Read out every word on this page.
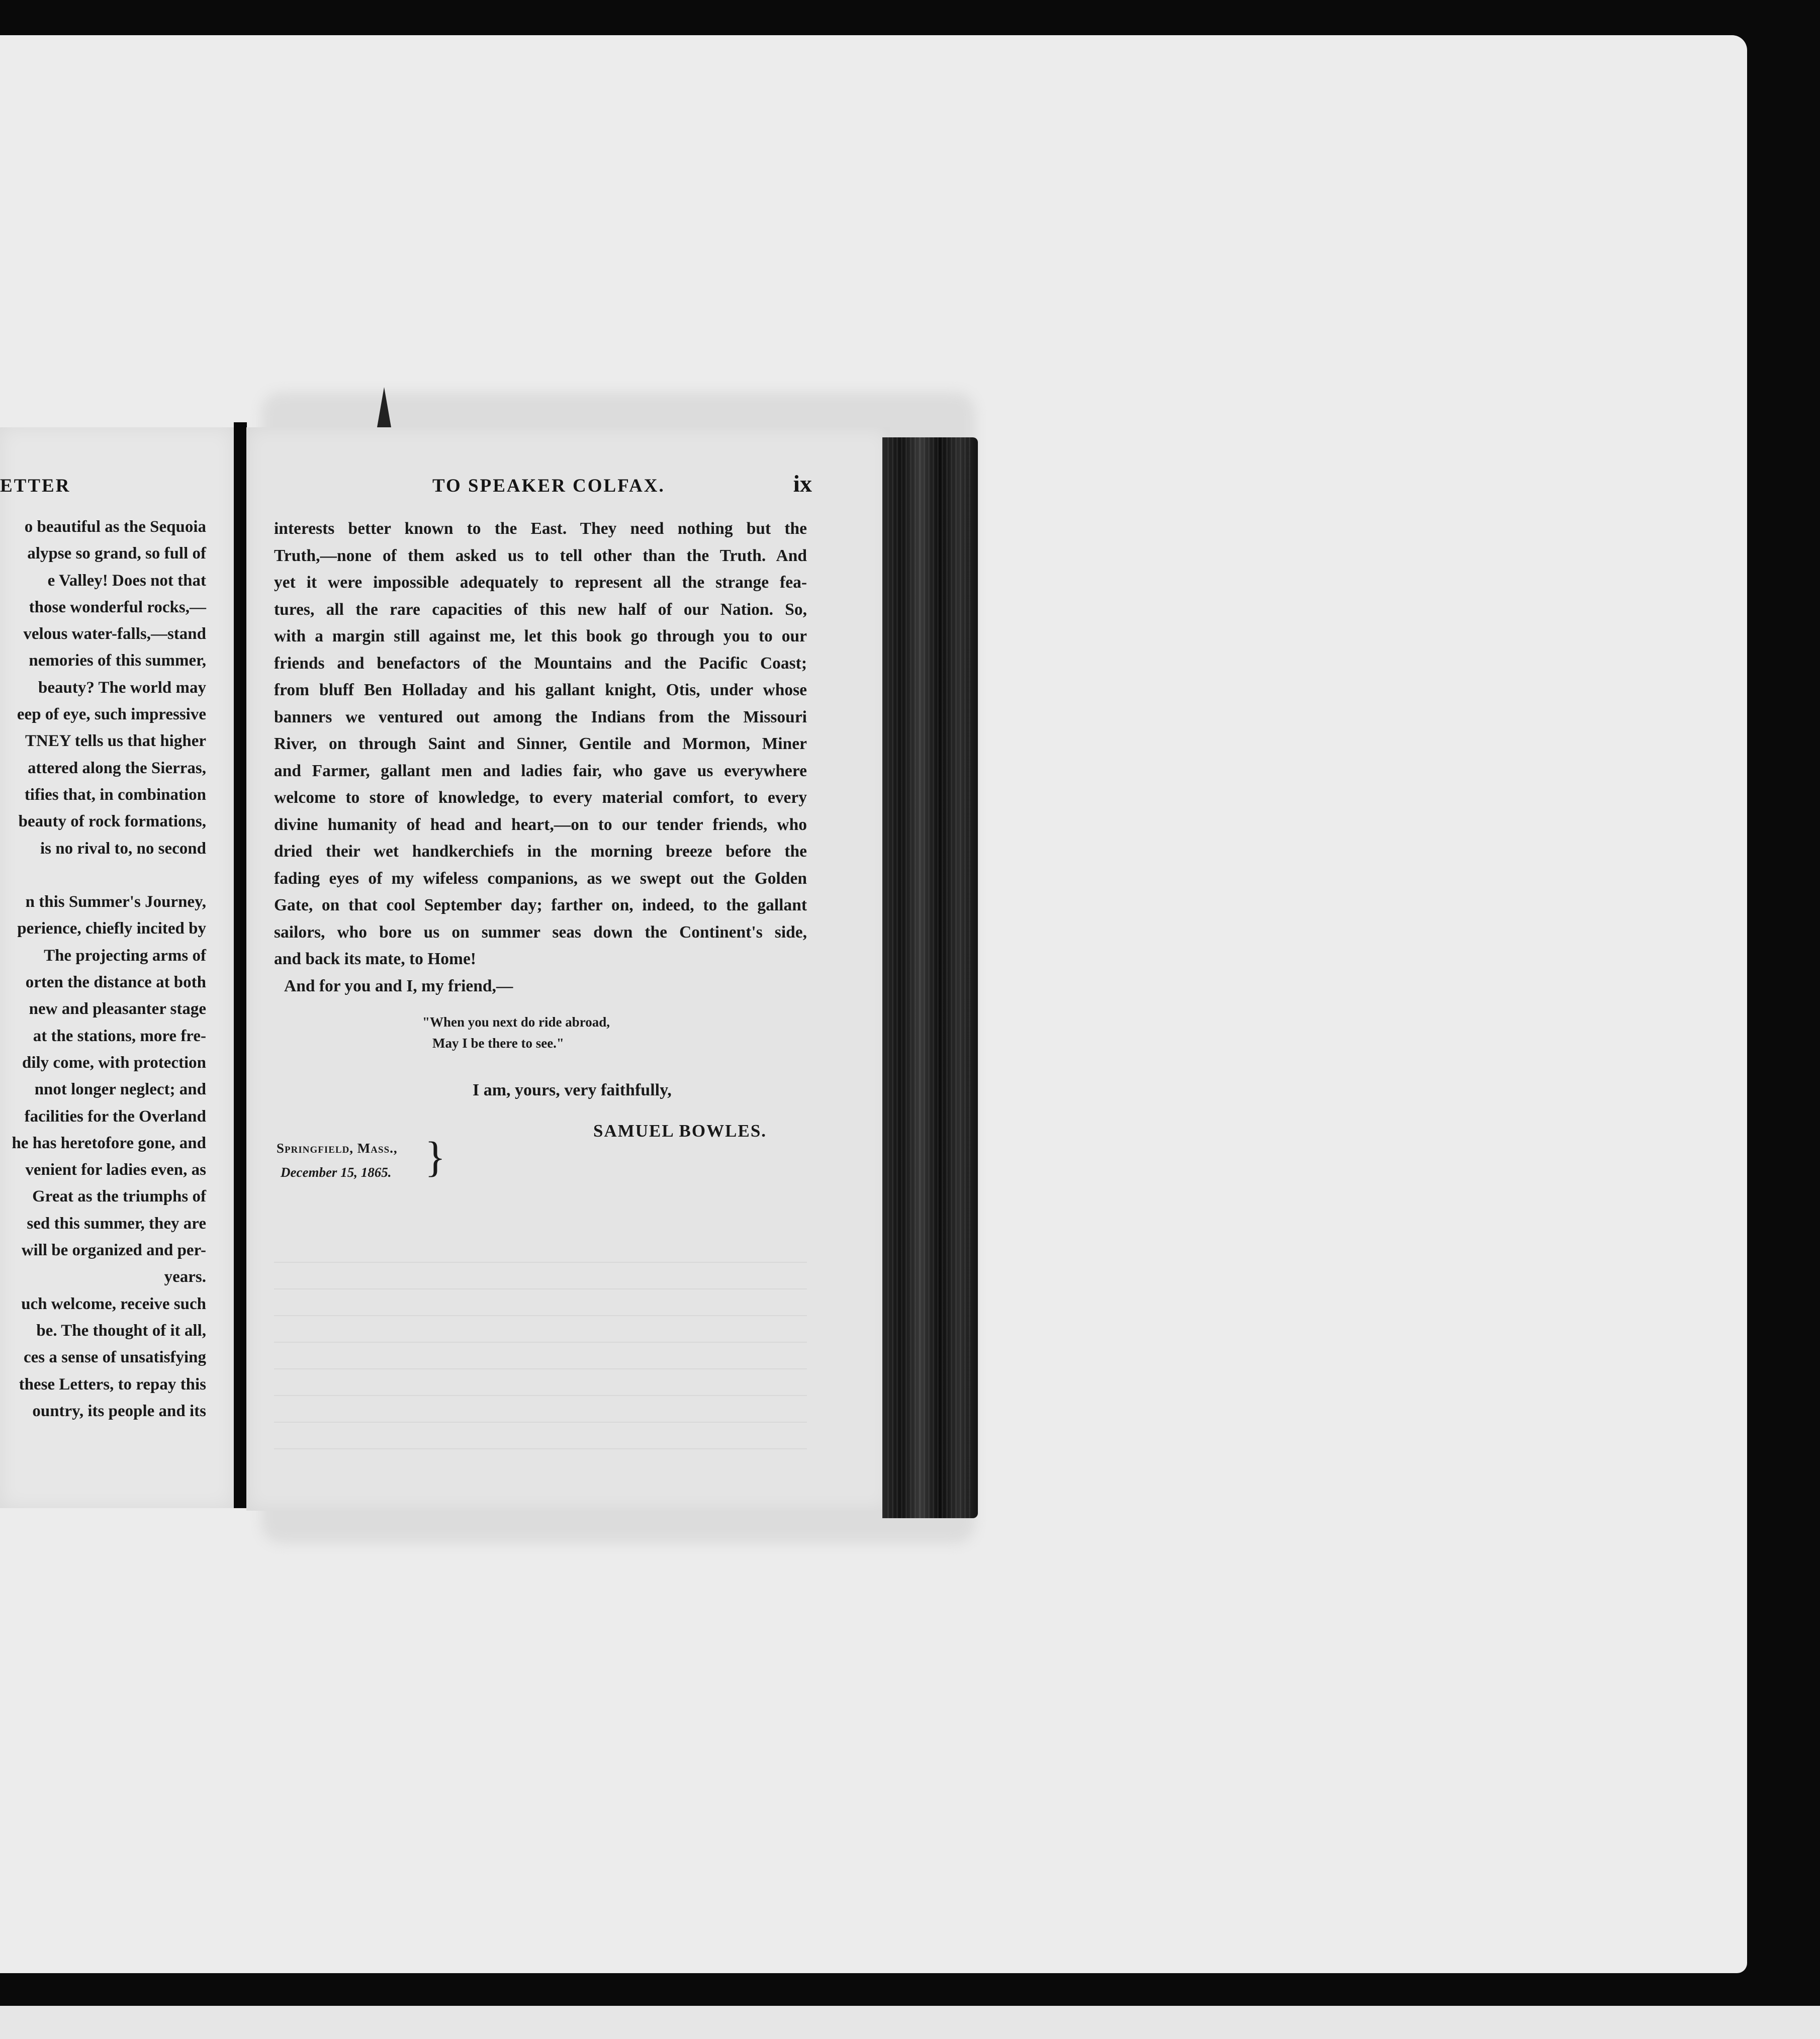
ETTER
o beautiful as the Sequoia
alypse so grand, so full of
e Valley! Does not that
those wonderful rocks,—
velous water-falls,—stand
nemories of this summer,
beauty? The world may
eep of eye, such impressive
TNEY tells us that higher
attered along the Sierras,
tifies that, in combination
beauty of rock formations,
is no rival to, no second

n this Summer's Journey,
perience, chiefly incited by
The projecting arms of
orten the distance at both
new and pleasanter stage
at the stations, more fre-
dily come, with protection
nnot longer neglect; and
facilities for the Overland
he has heretofore gone, and
venient for ladies even, as
Great as the triumphs of
sed this summer, they are
will be organized and per-
years.
uch welcome, receive such
be. The thought of it all,
ces a sense of unsatisfying
these Letters, to repay this
ountry, its people and its
TO SPEAKER COLFAX.	ix
interests better known to the East. They need nothing but the
Truth,—none of them asked us to tell other than the Truth. And
yet it were impossible adequately to represent all the strange fea-
tures, all the rare capacities of this new half of our Nation. So,
with a margin still against me, let this book go through you to our
friends and benefactors of the Mountains and the Pacific Coast;
from bluff Ben Holladay and his gallant knight, Otis, under whose
banners we ventured out among the Indians from the Missouri
River, on through Saint and Sinner, Gentile and Mormon, Miner
and Farmer, gallant men and ladies fair, who gave us everywhere
welcome to store of knowledge, to every material comfort, to every
divine humanity of head and heart,—on to our tender friends, who
dried their wet handkerchiefs in the morning breeze before the
fading eyes of my wifeless companions, as we swept out the Golden
Gate, on that cool September day; farther on, indeed, to the gallant
sailors, who bore us on summer seas down the Continent's side,
and back its mate, to Home!
And for you and I, my friend,—
"When you next do ride abroad,
May I be there to see."
I am, yours, very faithfully,
SAMUEL BOWLES.
Springfield, Mass.,
December 15, 1865. }
